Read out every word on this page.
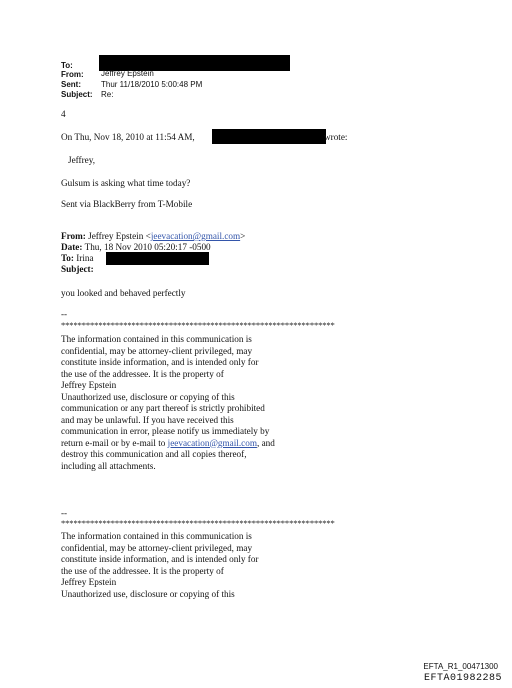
To:
From: Jeffrey Epstein
Sent:	Thur 11/18/2010 5:00:48 PM
Subject: Re:
4
On Thu, Nov 18, 2010 at 11:54 AM,	wrote:
Jeffrey,
Gulsum is asking what time today?
Sent via BlackBerry from T-Mobile
From: Jeffrey Epstein <jeevacation@gmail.com>
Date: Thu, 18 Nov 2010 05:20:17 -0500
To: Irina
Subject:
you looked and behaved perfectly
--
******************************************************************
The information contained in this communication is
confidential, may be attorney-client privileged, may
constitute inside information, and is intended only for
the use of the addressee. It is the property of
Jeffrey Epstein
Unauthorized use, disclosure or copying of this
communication or any part thereof is strictly prohibited
and may be unlawful. If you have received this
communication in error, please notify us immediately by
return e-mail or by e-mail to jeevacation@gmail.com, and
destroy this communication and all copies thereof,
including all attachments.
--
******************************************************************
The information contained in this communication is
confidential, may be attorney-client privileged, may
constitute inside information, and is intended only for
the use of the addressee. It is the property of
Jeffrey Epstein
Unauthorized use, disclosure or copying of this
EFTA_R1_00471300
EFTA01982285
